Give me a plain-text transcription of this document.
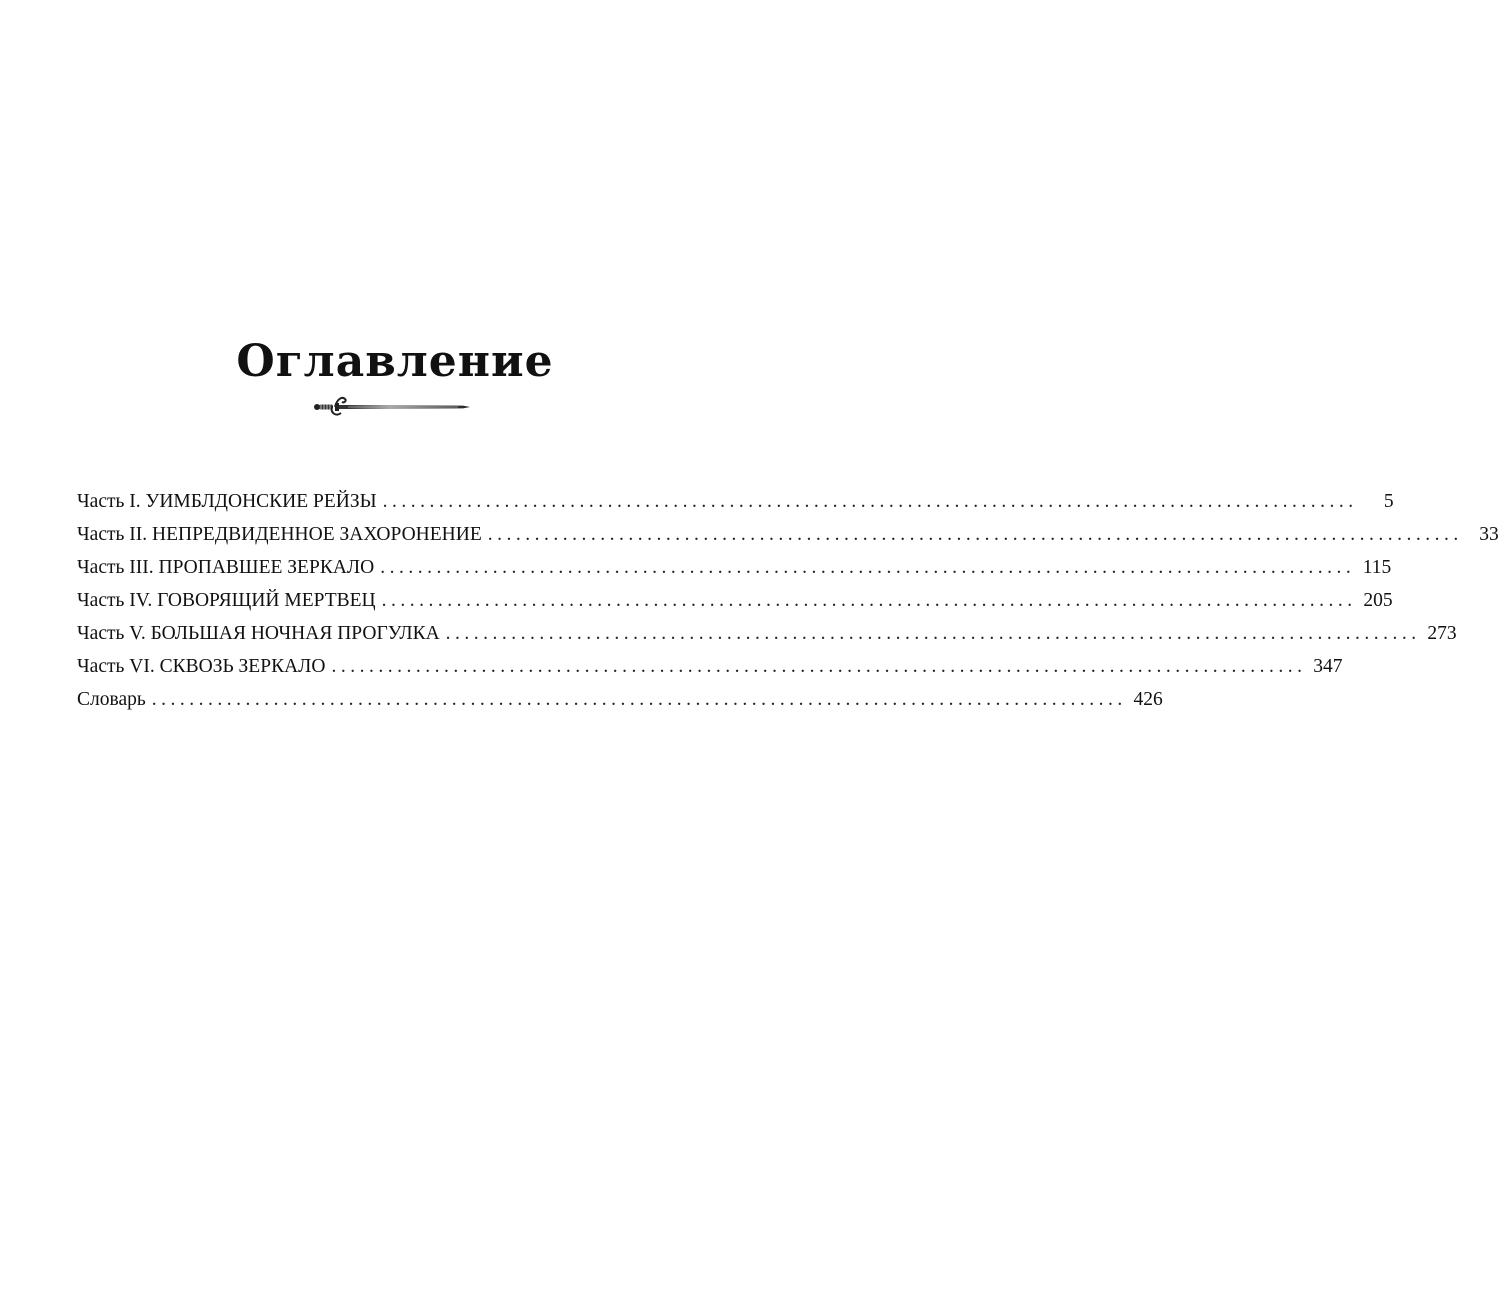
Оглавление
Часть I. УИМБЛДОНСКИЕ РЕЙЗЫ ........................................................................................................	5
Часть II. НЕПРЕДВИДЕННОЕ ЗАХОРОНЕНИЕ ........................................................................................................ 33
Часть III. ПРОПАВШЕЕ ЗЕРКАЛО ........................................................................................................ 115
Часть IV. ГОВОРЯЩИЙ МЕРТВЕЦ ........................................................................................................ 205
Часть V. БОЛЬШАЯ НОЧНАЯ ПРОГУЛКА ........................................................................................................ 273
Часть VI. СКВОЗЬ ЗЕРКАЛО ........................................................................................................ 347
Словарь ........................................................................................................ 426
